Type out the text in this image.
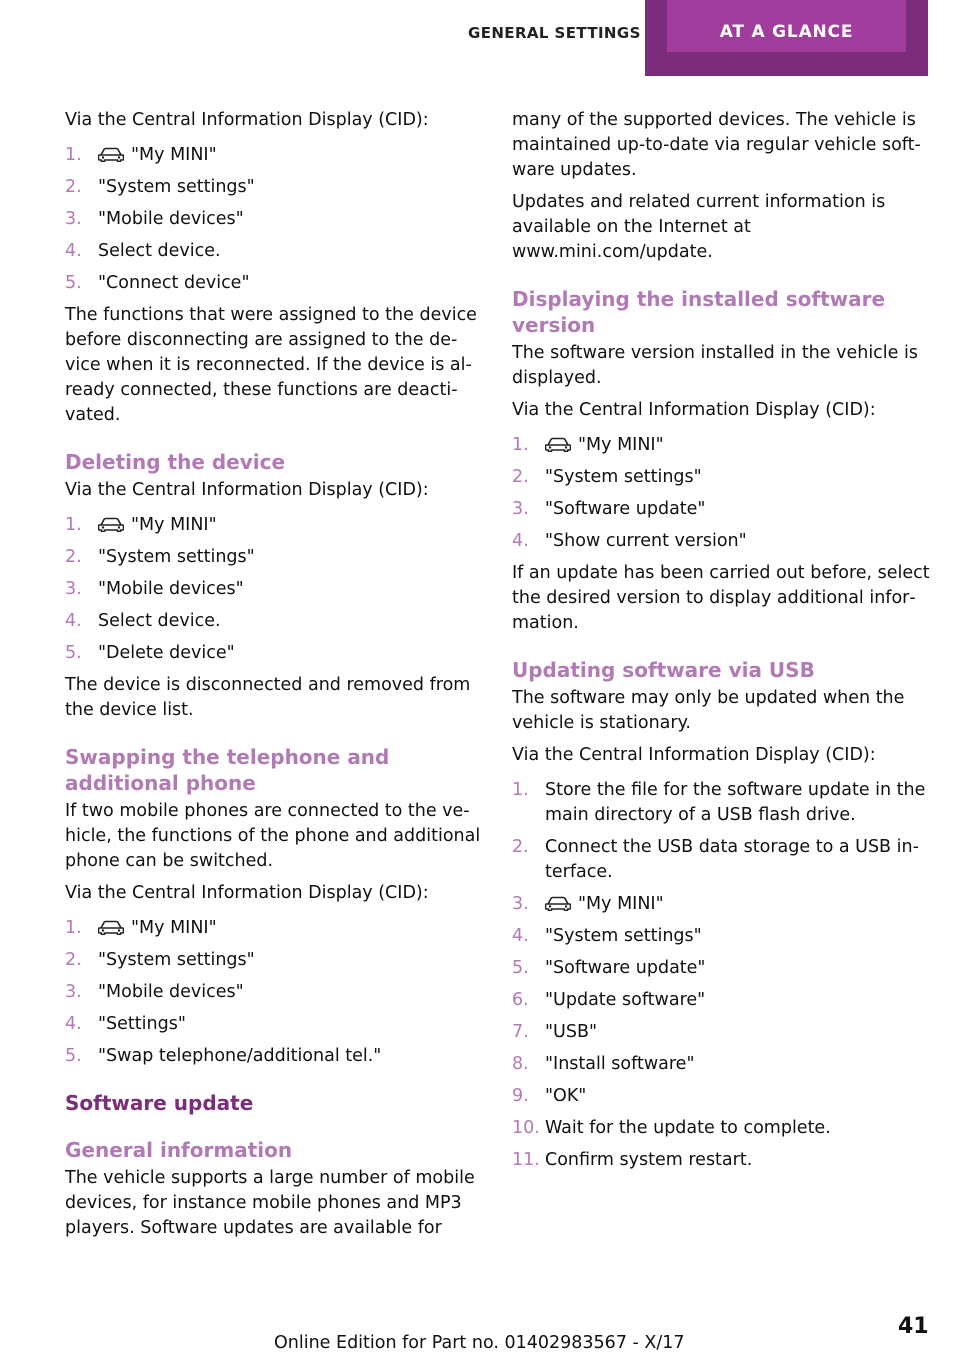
GENERAL SETTINGS	AT A GLANCE

Via the Central Information Display (CID):

1.	"My MINI"
2. "System settings"
3. "Mobile devices"
4. Select device.
5. "Connect device"

The functions that were assigned to the device before disconnecting are assigned to the de‐vice when it is reconnected. If the device is al‐ready connected, these functions are deacti‐vated.

Deleting the device

Via the Central Information Display (CID):

1.	"My MINI"
2. "System settings"
3. "Mobile devices"
4. Select device.
5. "Delete device"

The device is disconnected and removed from the device list.

Swapping the telephone and additional phone

If two mobile phones are connected to the ve‐hicle, the functions of the phone and additional phone can be switched.

Via the Central Information Display (CID):

1.	"My MINI"
2. "System settings"
3. "Mobile devices"
4. "Settings"
5. "Swap telephone/additional tel."
Software update
General information

The vehicle supports a large number of mobile devices, for instance mobile phones and MP3 players. Software updates are available for

many of the supported devices. The vehicle is maintained up-to-date via regular vehicle soft‐ware updates.

Updates and related current information is available on the Internet at www.mini.com/update.

Displaying the installed software version

The software version installed in the vehicle is displayed.

Via the Central Information Display (CID):

1.	"My MINI"
2. "System settings"
3. "Software update"
4. "Show current version"

If an update has been carried out before, select the desired version to display additional infor‐mation.

Updating software via USB

The software may only be updated when the vehicle is stationary.

Via the Central Information Display (CID):

1. Store the file for the software update in the main directory of a USB flash drive.
2. Connect the USB data storage to a USB in‐terface.
3.	"My MINI"
4. "System settings"
5. "Software update"
6. "Update software"
7. "USB"
8. "Install software"
9. "OK"
10. Wait for the update to complete.
11. Confirm system restart.
Online Edition for Part no. 01402983567 - X/17
41
